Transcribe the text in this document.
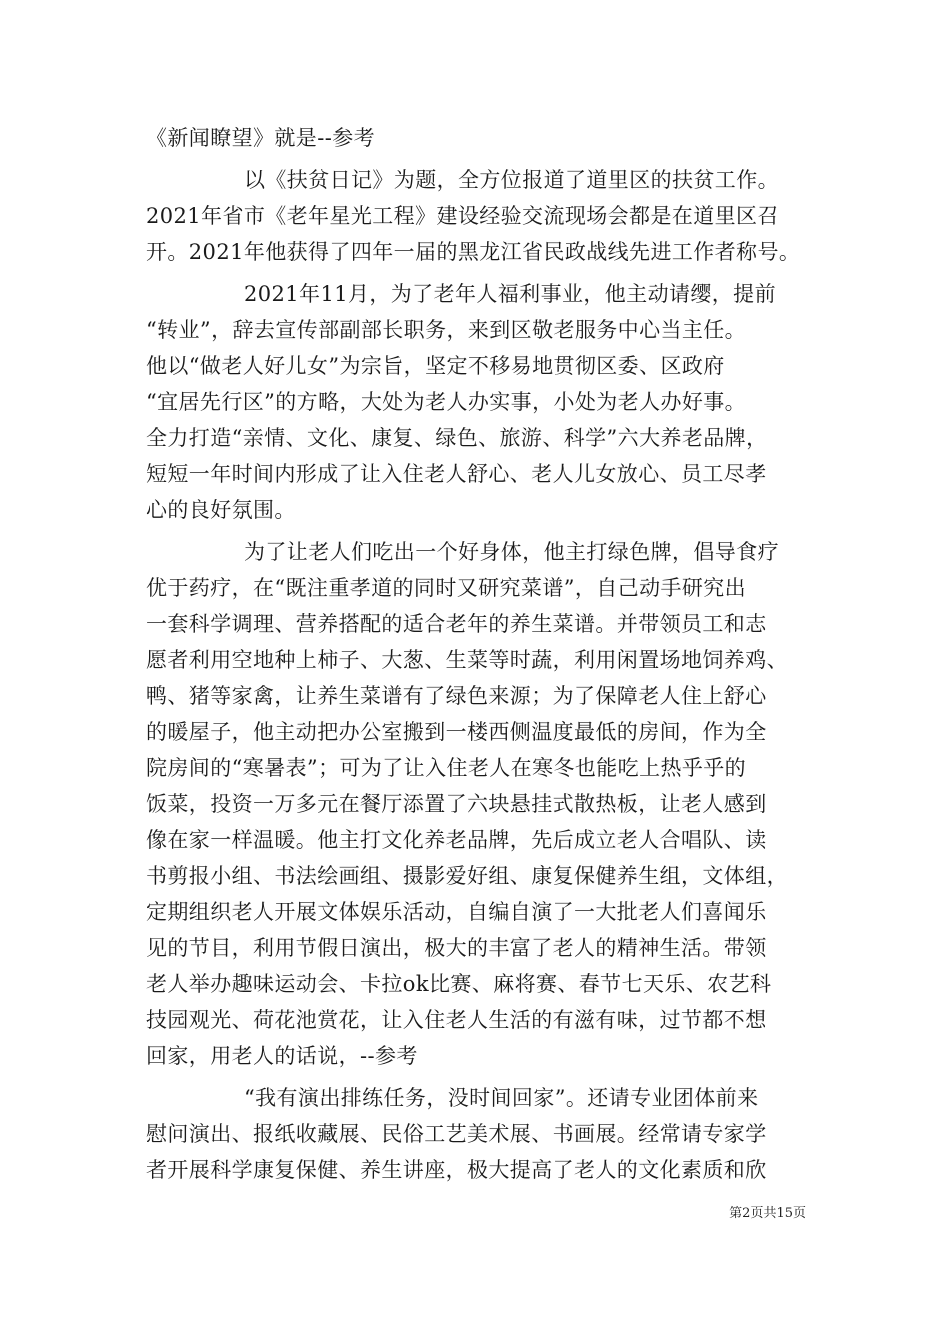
《新闻瞭望》就是--参考
以《扶贫日记》为题，全方位报道了道里区的扶贫工作。
2021年省市《老年星光工程》建设经验交流现场会都是在道里区召
开。2021年他获得了四年一届的黑龙江省民政战线先进工作者称号。
2021年11月，为了老年人福利事业，他主动请缨，提前
“转业”，辞去宣传部副部长职务，来到区敬老服务中心当主任。
他以“做老人好儿女”为宗旨，坚定不移易地贯彻区委、区政府
“宜居先行区”的方略，大处为老人办实事，小处为老人办好事。
全力打造“亲情、文化、康复、绿色、旅游、科学”六大养老品牌，
短短一年时间内形成了让入住老人舒心、老人儿女放心、员工尽孝
心的良好氛围。
为了让老人们吃出一个好身体，他主打绿色牌，倡导食疗
优于药疗，在“既注重孝道的同时又研究菜谱”，自己动手研究出
一套科学调理、营养搭配的适合老年的养生菜谱。并带领员工和志
愿者利用空地种上柿子、大葱、生菜等时蔬，利用闲置场地饲养鸡、
鸭、猪等家禽，让养生菜谱有了绿色来源；为了保障老人住上舒心
的暖屋子，他主动把办公室搬到一楼西侧温度最低的房间，作为全
院房间的“寒暑表”；可为了让入住老人在寒冬也能吃上热乎乎的
饭菜，投资一万多元在餐厅添置了六块悬挂式散热板，让老人感到
像在家一样温暖。他主打文化养老品牌，先后成立老人合唱队、读
书剪报小组、书法绘画组、摄影爱好组、康复保健养生组，文体组，
定期组织老人开展文体娱乐活动，自编自演了一大批老人们喜闻乐
见的节目，利用节假日演出，极大的丰富了老人的精神生活。带领
老人举办趣味运动会、卡拉ok比赛、麻将赛、春节七天乐、农艺科
技园观光、荷花池赏花，让入住老人生活的有滋有味，过节都不想
回家，用老人的话说，--参考
“我有演出排练任务，没时间回家”。还请专业团体前来
慰问演出、报纸收藏展、民俗工艺美术展、书画展。经常请专家学
者开展科学康复保健、养生讲座，极大提高了老人的文化素质和欣
第2页共15页
